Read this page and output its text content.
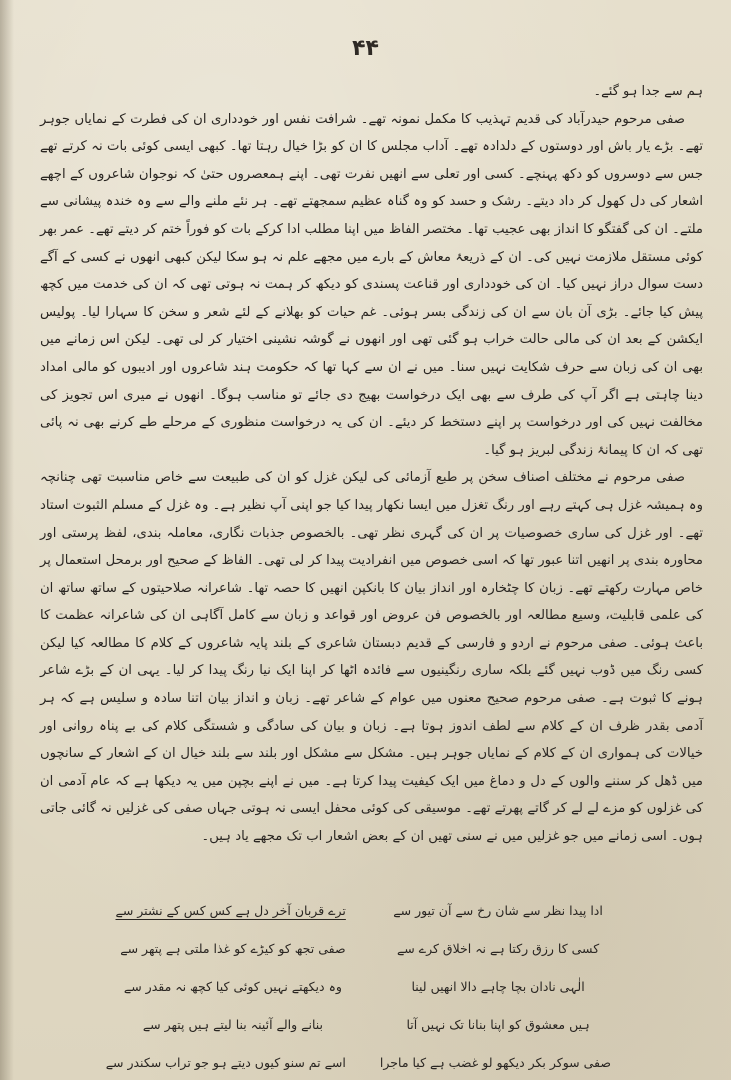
۴۴

ہم سے جدا ہو گئے۔

صفی مرحوم حیدرآباد کی قدیم تہذیب کا مکمل نمونہ تھے۔ شرافت نفس اور خودداری ان کی فطرت کے نمایاں جوہر تھے۔ بڑے یار باش اور دوستوں کے دلدادہ تھے۔ آداب مجلس کا ان کو بڑا خیال رہتا تھا۔ کبھی ایسی کوئی بات نہ کرتے تھے جس سے دوسروں کو دکھ پہنچے۔ کسی اور تعلی سے انھیں نفرت تھی۔ اپنے ہمعصروں حتیٰ کہ نوجوان شاعروں کے اچھے اشعار کی دل کھول کر داد دیتے۔ رشک و حسد کو وہ گناہ عظیم سمجھتے تھے۔ ہر نئے ملنے والے سے وہ خندہ پیشانی سے ملتے۔ ان کی گفتگو کا انداز بھی عجیب تھا۔ مختصر الفاظ میں اپنا مطلب ادا کرکے بات کو فوراً ختم کر دیتے تھے۔ عمر بھر کوئی مستقل ملازمت نہیں کی۔ ان کے ذریعۂ معاش کے بارے میں مجھے علم نہ ہو سکا لیکن کبھی انھوں نے کسی کے آگے دست سوال دراز نہیں کیا۔ ان کی خودداری اور قناعت پسندی کو دیکھ کر ہمت نہ ہوتی تھی کہ ان کی خدمت میں کچھ پیش کیا جائے۔ بڑی آن بان سے ان کی زندگی بسر ہوئی۔ غم حیات کو بھلانے کے لئے شعر و سخن کا سہارا لیا۔ پولیس ایکشن کے بعد ان کی مالی حالت خراب ہو گئی تھی اور انھوں نے گوشہ نشینی اختیار کر لی تھی۔ لیکن اس زمانے میں بھی ان کی زبان سے حرف شکایت نہیں سنا۔ میں نے ان سے کہا تھا کہ حکومت ہند شاعروں اور ادیبوں کو مالی امداد دینا چاہتی ہے اگر آپ کی طرف سے بھی ایک درخواست بھیج دی جائے تو مناسب ہوگا۔ انھوں نے میری اس تجویز کی مخالفت نہیں کی اور درخواست پر اپنے دستخط کر دیئے۔ ان کی یہ درخواست منظوری کے مرحلے طے کرنے بھی نہ پائی تھی کہ ان کا پیمانۂ زندگی لبریز ہو گیا۔

صفی مرحوم نے مختلف اصناف سخن پر طبع آزمائی کی لیکن غزل کو ان کی طبیعت سے خاص مناسبت تھی چنانچہ وہ ہمیشہ غزل ہی کہتے رہے اور رنگ تغزل میں ایسا نکھار پیدا کیا جو اپنی آپ نظیر ہے۔ وہ غزل کے مسلم الثبوت استاد تھے۔ اور غزل کی ساری خصوصیات پر ان کی گہری نظر تھی۔ بالخصوص جذبات نگاری، معاملہ بندی، لفظ پرستی اور محاورہ بندی پر انھیں اتنا عبور تھا کہ اسی خصوص میں انفرادیت پیدا کر لی تھی۔ الفاظ کے صحیح اور برمحل استعمال پر خاص مہارت رکھتے تھے۔ زبان کا چٹخارہ اور انداز بیان کا بانکپن انھیں کا حصہ تھا۔ شاعرانہ صلاحیتوں کے ساتھ ساتھ ان کی علمی قابلیت، وسیع مطالعہ اور بالخصوص فن عروض اور قواعد و زبان سے کامل آگاہی ان کی شاعرانہ عظمت کا باعث ہوئی۔ صفی مرحوم نے اردو و فارسی کے قدیم دبستان شاعری کے بلند پایہ شاعروں کے کلام کا مطالعہ کیا لیکن کسی رنگ میں ڈوب نہیں گئے بلکہ ساری رنگینیوں سے فائدہ اٹھا کر اپنا ایک نیا رنگ پیدا کر لیا۔ یہی ان کے بڑے شاعر ہونے کا ثبوت ہے۔ صفی مرحوم صحیح معنوں میں عوام کے شاعر تھے۔ زبان و انداز بیان اتنا سادہ و سلیس ہے کہ ہر آدمی بقدر ظرف ان کے کلام سے لطف اندوز ہوتا ہے۔ زبان و بیان کی سادگی و شستگی کلام کی بے پناہ روانی اور خیالات کی ہمواری ان کے کلام کے نمایاں جوہر ہیں۔ مشکل سے مشکل اور بلند سے بلند خیال ان کے اشعار کے سانچوں میں ڈھل کر سننے والوں کے دل و دماغ میں ایک کیفیت پیدا کرتا ہے۔ میں نے اپنے بچپن میں یہ دیکھا ہے کہ عام آدمی ان کی غزلوں کو مزے لے لے کر گاتے پھرتے تھے۔ موسیقی کی کوئی محفل ایسی نہ ہوتی جہاں صفی کی غزلیں نہ گائی جاتی ہوں۔ اسی زمانے میں جو غزلیں میں نے سنی تھیں ان کے بعض اشعار اب تک مجھے یاد ہیں۔

ادا پیدا نظر سے شان رخ سے آن تیور سے
ترے قربان آخر دل ہے کس کس کے نشتر سے
کسی کا رزق رکتا ہے نہ اخلاق کرے سے
صفی تجھ کو کیڑے کو غذا ملتی ہے پتھر سے
الٰہی نادان بچا چاہے دالا انھیں لینا
وہ دیکھتے نہیں کوئی کیا کچھ نہ مقدر سے
ہیں معشوق کو اپنا بنانا تک نہیں آتا
بنانے والے آئینہ بنا لیتے ہیں پتھر سے
صفی سوکر بکر دیکھو لو غضب ہے کیا ماجرا
اسے تم سنو کیوں دیتے ہو جو تراب سکندر سے
